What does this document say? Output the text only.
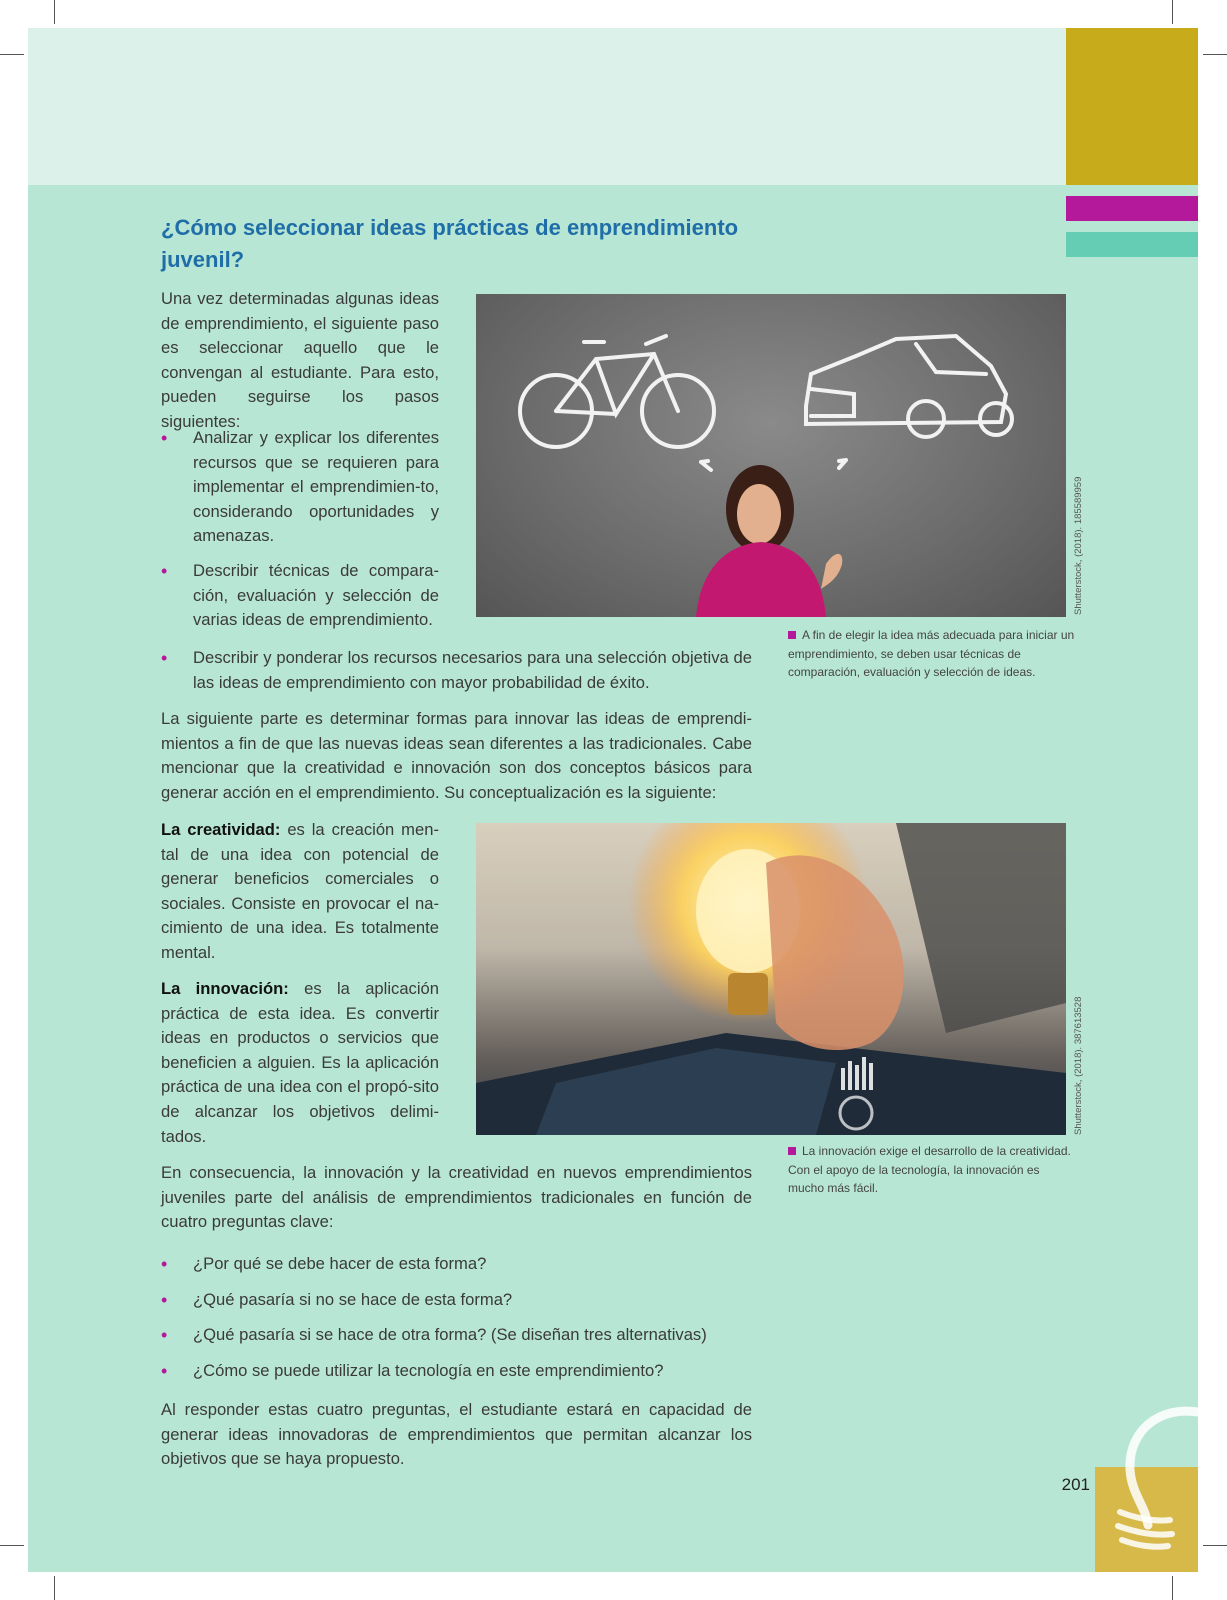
201
¿Cómo seleccionar ideas prácticas de emprendimiento juvenil?

Una vez determinadas algunas ideas de emprendimiento, el siguiente paso es seleccionar aquello que le convengan al estudiante. Para esto, pueden seguirse los pasos siguientes:

• Analizar y explicar los diferentes recursos que se requieren para implementar el emprendimien-to, considerando oportunidades y amenazas.
• Describir técnicas de compara-ción, evaluación y selección de varias ideas de emprendimiento.
• Describir y ponderar los recursos necesarios para una selección objetiva de las ideas de emprendimiento con mayor probabilidad de éxito.
Shutterstock, (2018). 185589959

A fin de elegir la idea más adecuada para iniciar un emprendimiento, se deben usar técnicas de comparación, evaluación y selección de ideas.

La siguiente parte es determinar formas para innovar las ideas de emprendi-mientos a fin de que las nuevas ideas sean diferentes a las tradicionales. Cabe mencionar que la creatividad e innovación son dos conceptos básicos para generar acción en el emprendimiento. Su conceptualización es la siguiente:

La creatividad: es la creación men-tal de una idea con potencial de generar beneficios comerciales o sociales. Consiste en provocar el na-cimiento de una idea. Es totalmente mental.

La innovación: es la aplicación práctica de esta idea. Es convertir ideas en productos o servicios que beneficien a alguien. Es la aplicación práctica de una idea con el propó-sito de alcanzar los objetivos delimi-tados.

Shutterstock, (2018). 387613528

La innovación exige el desarrollo de la creatividad. Con el apoyo de la tecnología, la innovación es mucho más fácil.

En consecuencia, la innovación y la creatividad en nuevos emprendimientos juveniles parte del análisis de emprendimientos tradicionales en función de cuatro preguntas clave:

• ¿Por qué se debe hacer de esta forma?
• ¿Qué pasaría si no se hace de esta forma?
• ¿Qué pasaría si se hace de otra forma? (Se diseñan tres alternativas)
• ¿Cómo se puede utilizar la tecnología en este emprendimiento?

Al responder estas cuatro preguntas, el estudiante estará en capacidad de generar ideas innovadoras de emprendimientos que permitan alcanzar los objetivos que se haya propuesto.
